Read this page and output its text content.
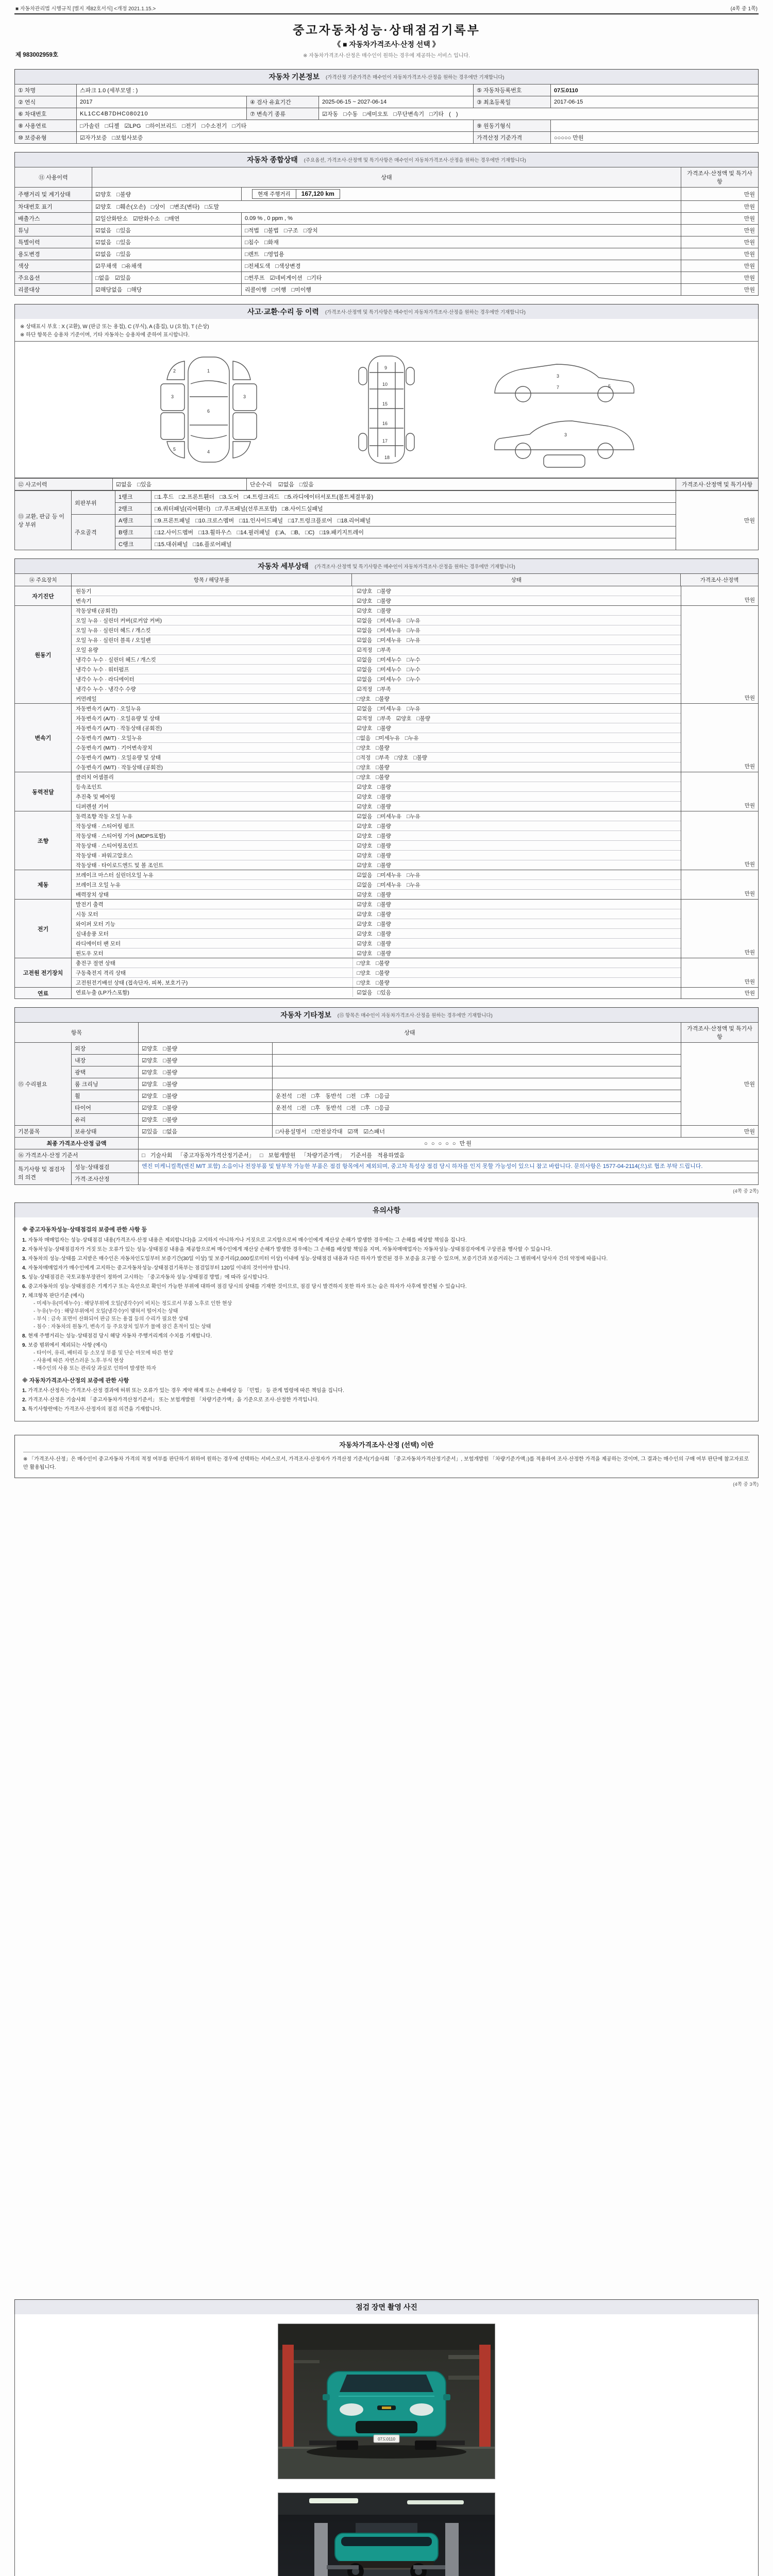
■ 자동차관리법 시행규칙 [별지 제82호서식] <개정 2021.1.15.>	(4쪽 중 1쪽)
제 983002959호
중고자동차성능·상태점검기록부
《 ■ 자동차가격조사·산정 선택 》
※ 자동차가격조사·산정은 매수인이 원하는 경우에 제공하는 서비스 입니다.
자동차 기본정보 (가격산정 기준가격은 매수인이 자동차가격조사·산정을 원하는 경우에만 기재합니다)
① 차명	스파크 1.0 (세부모델 : )			⑤ 자동차등록번호	07도0110
② 연식	2017	④ 검사 유효기간	2025-06-15 ~ 2027-06-14	③ 최초등록일	2017-06-15
⑥ 차대번호	KL1CC4B7DHC080210	⑦ 변속기 종류	☑자동 □수동 □세미오토 □무단변속기 □기타 ( )		
⑧ 사용연료	□가솔린 □디젤 ☑LPG □하이브리드 □전기 □수소전기 □기타			⑨ 원동기형식	
⑩ 보증유형	☑자가보증 □보험사보증			가격산정 기준가격	○○○○○ 만원
자동차 종합상태 (주요옵션, 가격조사·산정액 및 특기사항은 매수인이 자동차가격조사·산정을 원하는 경우에만 기재합니다)
⑪ 사용이력	상태		가격조사·산정액 및 특기사항
주행거리 및 계기상태	☑양호 □불량	현재 주행거리 167,120 km	만원
차대번호 표기	☑양호 □훼손(오손) □상이 □변조(변타) □도말		만원
배출가스	☑일산화탄소 ☑탄화수소 □매연	0.09 % , 0 ppm , %	만원
튜닝	☑없음 □있음	□적법 □불법 □구조 □장치	만원
특별이력	☑없음 □있음	□침수 □화재	만원
용도변경	☑없음 □있음	□렌트 □영업용	만원
색상	☑무채색 □유채색	□전체도색 □색상변경	만원
주요옵션	□없음 ☑있음	□썬루프 ☑네비게이션 □기타	만원
리콜대상	☑해당없음 □해당	리콜이행 □이행 □미이행	만원
사고·교환·수리 등 이력 (가격조사·산정액 및 특기사항은 매수인이 자동차가격조사·산정을 원하는 경우에만 기재합니다)
※ 상태표시 부호 : X (교환), W (판금 또는 용접), C (부식), A (흠집), U (요철), T (손상)
※ 하단 항목은 승용차 기준이며, 기타 자동차는 승용차에 준하여 표시합니다.
1
2
3	3
5
6
4
9
10
15
16
17
18
3
5
7
3
⑫ 사고이력	☑없음 □있음	단순수리 ☑없음 □있음	가격조사·산정액 및 특기사항
⑬ 교환, 판금 등 이상 부위	외판부위	1랭크	□1.후드 □2.프론트휀더 □3.도어 □4.트렁크리드 □5.라디에이터서포트(볼트체결부품)	만원
		2랭크	□6.쿼터패널(리어휀더) □7.루프패널(선루프포함) □8.사이드실패널	
	주요골격	A랭크	□9.프론트패널 □10.크로스멤버 □11.인사이드패널 □17.트렁크플로어 □18.리어패널	
		B랭크	□12.사이드멤버 □13.휠하우스 □14.필러패널 (□A, □B, □C) □19.패키지트레이	
		C랭크	□15.대쉬패널 □16.플로어패널	
자동차 세부상태 (가격조사·산정액 및 특기사항은 매수인이 자동차가격조사·산정을 원하는 경우에만 기재합니다)
⑭ 주요장치	항목 / 해당부품	상태	가격조사·산정액
자기진단
원동기	☑양호 □불량
변속기	☑양호 □불량	만원
원동기
작동상태 (공회전)	☑양호 □불량
오일 누유 · 실린더 커버(로커암 커버)	☑없음 □미세누유 □누유
오일 누유 · 실린더 헤드 / 개스킷	☑없음 □미세누유 □누유
오일 누유 · 실린더 블록 / 오일팬	☑없음 □미세누유 □누유
오일 유량	☑적정 □부족
냉각수 누수 · 실린더 헤드 / 개스킷	☑없음 □미세누수 □누수
냉각수 누수 · 워터펌프	☑없음 □미세누수 □누수
냉각수 누수 · 라디에이터	☑없음 □미세누수 □누수
냉각수 누수 · 냉각수 수량	☑적정 □부족
커먼레일	□양호 □불량	만원
변속기
자동변속기 (A/T) · 오일누유	☑없음 □미세누유 □누유
자동변속기 (A/T) · 오일유량 및 상태	☑적정 □부족 ☑양호 □불량
자동변속기 (A/T) · 작동상태 (공회전)	☑양호 □불량
수동변속기 (M/T) · 오일누유	□없음 □미세누유 □누유
수동변속기 (M/T) · 기어변속장치	□양호 □불량
수동변속기 (M/T) · 오일유량 및 상태	□적정 □부족 □양호 □불량
수동변속기 (M/T) · 작동상태 (공회전)	□양호 □불량	만원
동력전달
클러치 어셈블리	□양호 □불량
등속조인트	☑양호 □불량
추진축 및 베어링	☑양호 □불량
디퍼렌셜 기어	☑양호 □불량	만원
조향
동력조향 작동 오일 누유	☑없음 □미세누유 □누유
작동상태 · 스티어링 펌프	☑양호 □불량
작동상태 · 스티어링 기어 (MDPS포함)	☑양호 □불량
작동상태 · 스티어링조인트	☑양호 □불량
작동상태 · 파워고압호스	☑양호 □불량
작동상태 · 타이로드엔드 및 볼 조인트	☑양호 □불량	만원
제동
브레이크 마스터 실린더오일 누유	☑없음 □미세누유 □누유
브레이크 오일 누유	☑없음 □미세누유 □누유
배력장치 상태	☑양호 □불량	만원
전기
발전기 출력	☑양호 □불량
시동 모터	☑양호 □불량
와이퍼 모터 기능	☑양호 □불량
실내송풍 모터	☑양호 □불량
라디에이터 팬 모터	☑양호 □불량
윈도우 모터	☑양호 □불량	만원
고전원 전기장치
충전구 절연 상태	□양호 □불량
구동축전지 격리 상태	□양호 □불량
고전원전기배선 상태 (접속단자, 피복, 보호기구)	□양호 □불량	만원
연료	연료누출 (LP가스포함)	☑없음 □있음	만원
자동차 기타정보 (⑮ 항목은 매수인이 자동차가격조사·산정을 원하는 경우에만 기재합니다)
항목		상태		가격조사·산정액 및 특기사항
⑮ 수리필요	외장	☑양호 □불량		만원
	내장	☑양호 □불량		
	광택	☑양호 □불량		
	룸 크리닝	☑양호 □불량		
	휠	☑양호 □불량	운전석 □전 □후 동반석 □전 □후 □응급	
	타이어	☑양호 □불량	운전석 □전 □후 동반석 □전 □후 □응급	
	유리	☑양호 □불량		
기본품목	보유상태	☑있음 □없음	□사용설명서 □안전삼각대 ☑잭 ☑스패너	만원
최종 가격조사·산정 금액		○ ○ ○ ○ ○ 만원		
⑯ 가격조사·산정 기준서		□ 기술사회 「중고자동차가격산정기준서」 □ 보험개발원 「차량기준가액」 기준서를 적용하였음		
특기사항 및 점검자의 의견	성능·상태점검	엔진 미케니컬쪽(엔진 M/T 포함) 소음이나 전장부품 및 탈부착 가능한 부품은 점검 항목에서 제외되며, 중고차 특성상 점검 당시 하자를 인지 못할 가능성이 있으니 참고 바랍니다. 문의사항은 1577-04-2114(으)로 협조 부탁 드립니다.		
	가격·조사산정			
(4쪽 중 2쪽)
유의사항
※ 중고자동차성능·상태점검의 보증에 관한 사항 등
1. 자동차 매매업자는 성능·상태점검 내용(가격조사·산정 내용은 제외합니다)을 고지하지 아니하거나 거짓으로 고지함으로써 매수인에게 재산상 손해가 발생한 경우에는 그 손해를 배상할 책임을 집니다.
2. 자동차성능·상태점검자가 거짓 또는 오류가 있는 성능·상태점검 내용을 제공함으로써 매수인에게 재산상 손해가 발생한 경우에는 그 손해를 배상할 책임을 지며, 자동차매매업자는 자동차성능·상태점검자에게 구상권을 행사할 수 있습니다.
3. 자동차의 성능·상태를 고지받은 매수인은 자동차인도일부터 보증기간(30일 이상) 및 보증거리(2,000킬로미터 이상) 이내에 성능·상태점검 내용과 다른 하자가 발견된 경우 보증을 요구할 수 있으며, 보증기간과 보증거리는 그 범위에서 당사자 간의 약정에 따릅니다.
4. 자동차매매업자가 매수인에게 고지하는 중고자동차성능·상태점검기록부는 점검일부터 120일 이내의 것이어야 합니다.
5. 성능·상태점검은 국토교통부장관이 정하여 고시하는 「중고자동차 성능·상태점검 방법」에 따라 실시합니다.
6. 중고자동차의 성능·상태점검은 기계기구 또는 육안으로 확인이 가능한 부위에 대하여 점검 당시의 상태를 기재한 것이므로, 점검 당시 발견하지 못한 하자 또는 숨은 하자가 사후에 발견될 수 있습니다.
7. 체크항목 판단기준 (예시)
- 미세누유(미세누수) : 해당부위에 오일(냉각수)이 비치는 정도로서 부품 노후로 인한 현상
- 누유(누수) : 해당부위에서 오일(냉각수)이 맺혀서 떨어지는 상태
- 부식 : 금속 표면이 산화되어 판금 또는 용접 등의 수리가 필요한 상태
- 침수 : 자동차의 원동기, 변속기 등 주요장치 일부가 물에 잠긴 흔적이 있는 상태
8. 현재 주행거리는 성능·상태점검 당시 해당 자동차 주행거리계의 수치를 기재합니다.
9. 보증 범위에서 제외되는 사항 (예시)
- 타이어, 유리, 배터리 등 소모성 부품 및 단순 마모에 따른 현상
- 사용에 따른 자연스러운 노후·부식 현상
- 매수인의 사용 또는 관리상 과실로 인하여 발생한 하자
※ 자동차가격조사·산정의 보증에 관한 사항
1. 가격조사·산정자는 가격조사·산정 결과에 허위 또는 오류가 있는 경우 계약 해제 또는 손해배상 등 「민법」 등 관계 법령에 따른 책임을 집니다.
2. 가격조사·산정은 기술사회 「중고자동차가격산정기준서」 또는 보험개발원 「차량기준가액」을 기준으로 조사·산정한 가격입니다.
3. 특기사항란에는 가격조사·산정자의 점검 의견을 기재합니다.
자동차가격조사·산정 (선택) 이란
※ 「가격조사·산정」은 매수인이 중고자동차 가격의 적정 여부를 판단하기 위하여 원하는 경우에 선택하는 서비스로서, 가격조사·산정자가 가격산정 기준서(기술사회 「중고자동차가격산정기준서」, 보험개발원 「차량기준가액」)를 적용하여 조사·산정한 가격을 제공하는 것이며, 그 결과는 매수인의 구매 여부 판단에 참고자료로만 활용됩니다.
(4쪽 중 3쪽)
점검 장면 촬영 사진
07도0110
